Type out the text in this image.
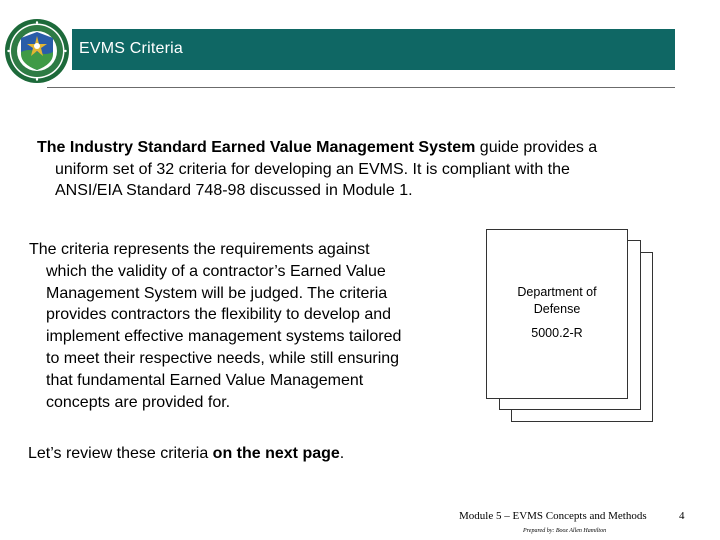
EVMS Criteria
The Industry Standard Earned Value Management System guide provides a
uniform set of 32 criteria for developing an EVMS. It is compliant with the
ANSI/EIA Standard 748-98 discussed in Module 1.
The criteria represents the requirements against
which the validity of a contractor’s Earned Value
Management System will be judged. The criteria
provides contractors the flexibility to develop and
implement effective management systems tailored
to meet their respective needs, while still ensuring
that fundamental Earned Value Management
concepts are provided for.
Department of
Defense
5000.2-R
Let’s review these criteria on the next page.
Module 5 – EVMS Concepts and Methods	4
Prepared by: Booz Allen Hamilton
